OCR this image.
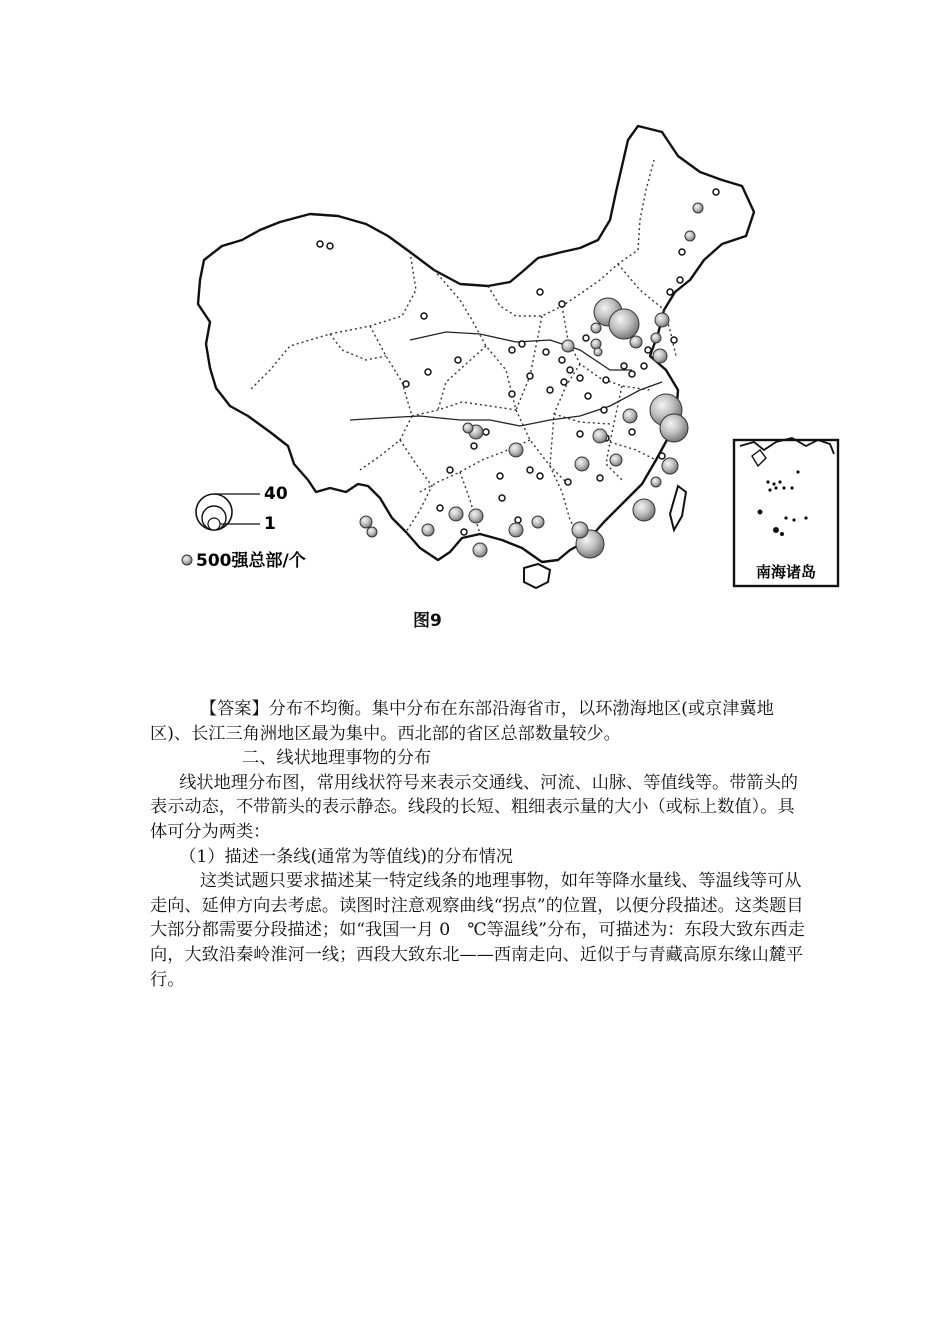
40
1
500强总部/个
南海诸岛
图9

【答案】分布不均衡。集中分布在东部沿海省市，以环渤海地区(或京津冀地区)、长江三角洲地区最为集中。西北部的省区总部数量较少。

二、线状地理事物的分布

线状地理分布图，常用线状符号来表示交通线、河流、山脉、等值线等。带箭头的表示动态，不带箭头的表示静态。线段的长短、粗细表示量的大小（或标上数值）。具体可分为两类：

（1）描述一条线(通常为等值线)的分布情况

这类试题只要求描述某一特定线条的地理事物，如年等降水量线、等温线等可从走向、延伸方向去考虑。读图时注意观察曲线“拐点”的位置，以便分段描述。这类题目大部分都需要分段描述；如“我国一月 0　℃等温线”分布，可描述为：东段大致东西走向，大致沿秦岭淮河一线；西段大致东北——西南走向、近似于与青藏高原东缘山麓平行。
